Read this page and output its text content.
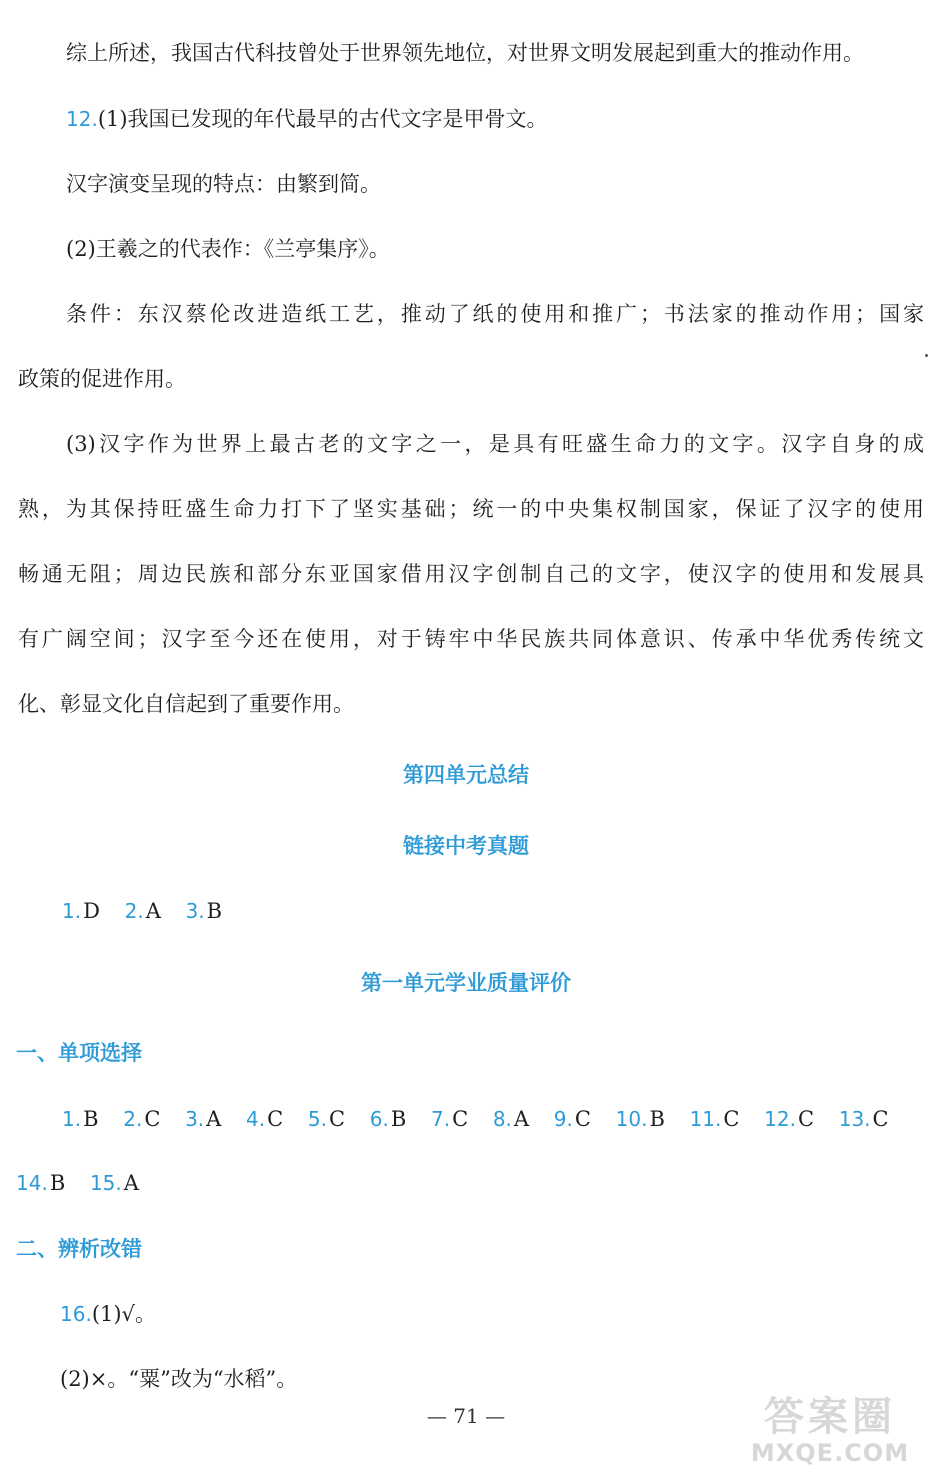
综上所述，我国古代科技曾处于世界领先地位，对世界文明发展起到重大的推动作用。
12.(1)我国已发现的年代最早的古代文字是甲骨文。
汉字演变呈现的特点：由繁到简。
(2)王羲之的代表作：《兰亭集序》。
条件：东汉蔡伦改进造纸工艺，推动了纸的使用和推广；书法家的推动作用；国家
政策的促进作用。
(3)汉字作为世界上最古老的文字之一，是具有旺盛生命力的文字。汉字自身的成
熟，为其保持旺盛生命力打下了坚实基础；统一的中央集权制国家，保证了汉字的使用
畅通无阻；周边民族和部分东亚国家借用汉字创制自己的文字，使汉字的使用和发展具
有广阔空间；汉字至今还在使用，对于铸牢中华民族共同体意识、传承中华优秀传统文
化、彰显文化自信起到了重要作用。
第四单元总结
链接中考真题
1.D 2.A 3.B
第一单元学业质量评价
一、单项选择
1.B 2.C 3.A 4.C 5.C 6.B 7.C 8.A 9.C 10.B 11.C 12.C 13.C
14.B 15.A
二、辨析改错
16.(1)√。
(2)×。“粟”改为“水稻”。
— 71 —	答案圈
MXQE.COM
